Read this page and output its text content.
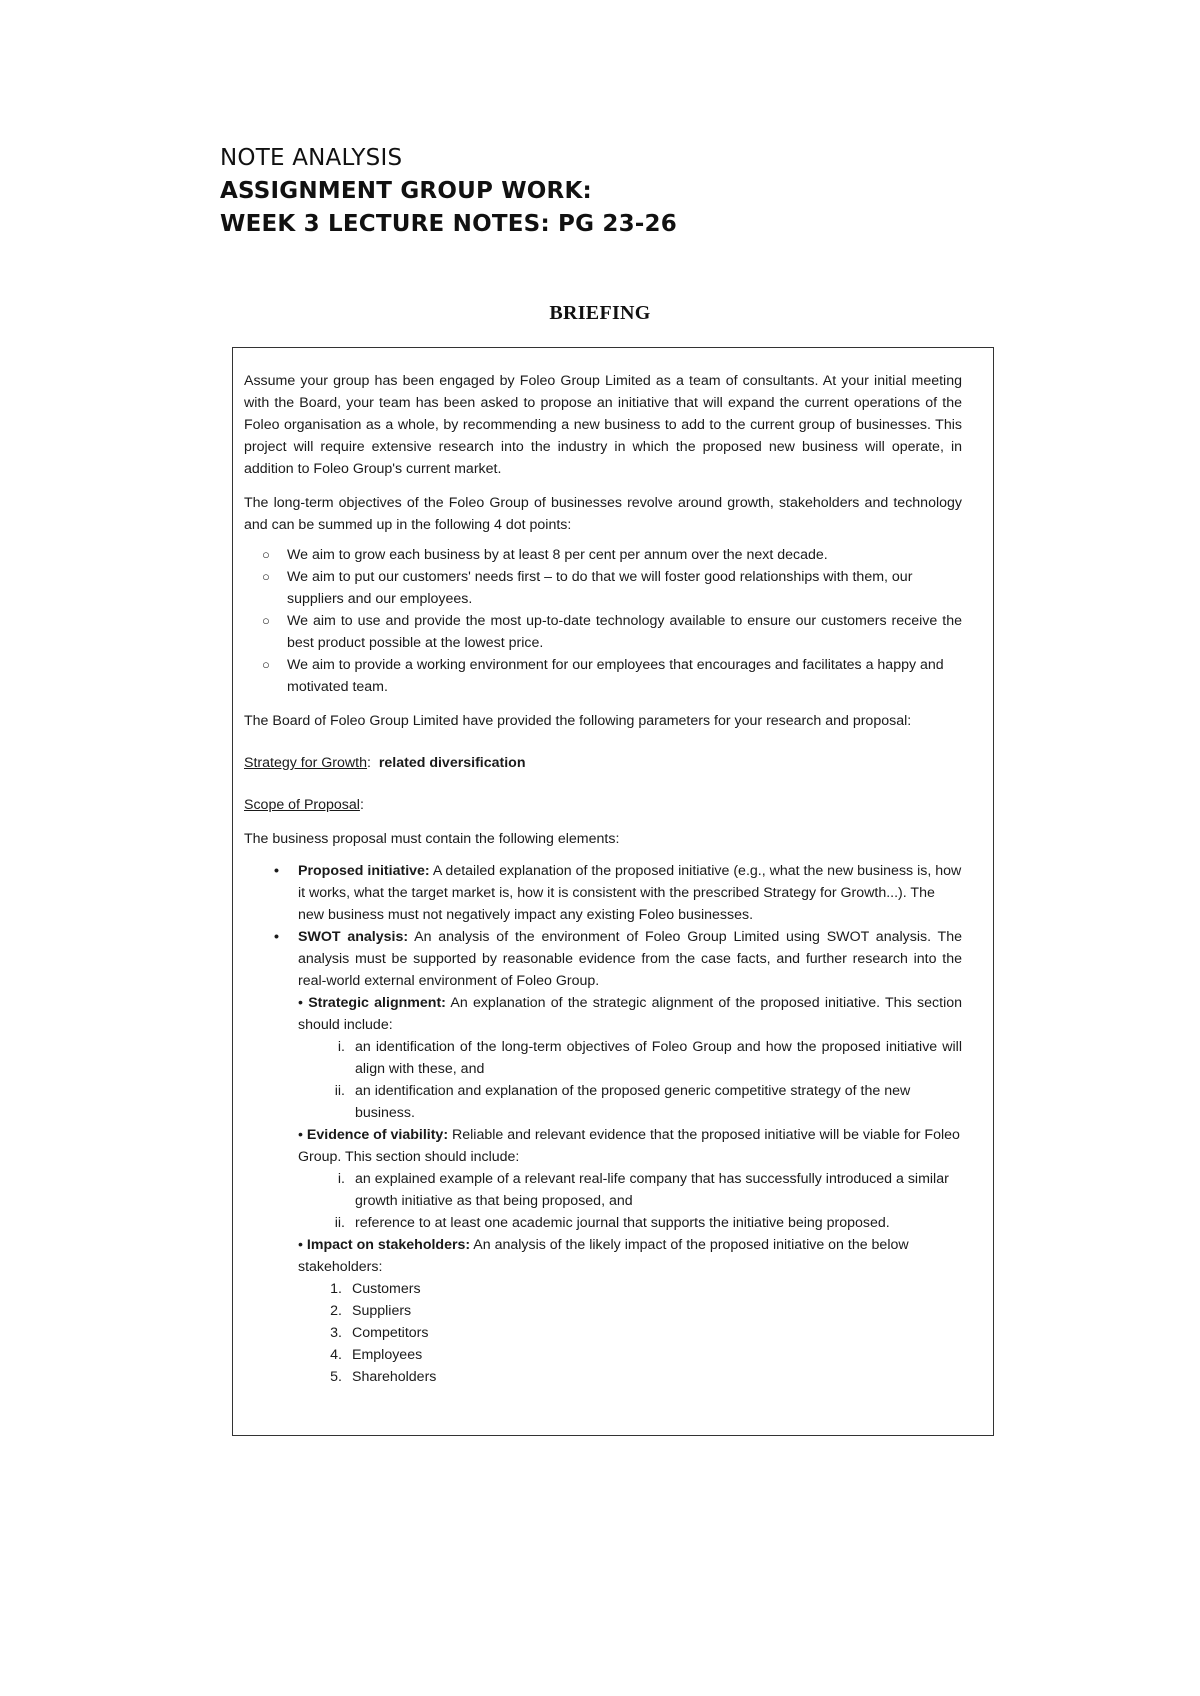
NOTE ANALYSIS
ASSIGNMENT GROUP WORK:
WEEK 3 LECTURE NOTES: PG 23-26
BRIEFING

Assume your group has been engaged by Foleo Group Limited as a team of consultants. At your initial meeting with the Board, your team has been asked to propose an initiative that will expand the current operations of the Foleo organisation as a whole, by recommending a new business to add to the current group of businesses. This project will require extensive research into the industry in which the proposed new business will operate, in addition to Foleo Group's current market.

The long-term objectives of the Foleo Group of businesses revolve around growth, stakeholders and technology and can be summed up in the following 4 dot points:

○ We aim to grow each business by at least 8 per cent per annum over the next decade.
○ We aim to put our customers' needs first – to do that we will foster good relationships with them, our suppliers and our employees.
○ We aim to use and provide the most up-to-date technology available to ensure our customers receive the best product possible at the lowest price.
○ We aim to provide a working environment for our employees that encourages and facilitates a happy and motivated team.

The Board of Foleo Group Limited have provided the following parameters for your research and proposal:

Strategy for Growth: related diversification

Scope of Proposal:

The business proposal must contain the following elements:

• Proposed initiative: A detailed explanation of the proposed initiative (e.g., what the new business is, how it works, what the target market is, how it is consistent with the prescribed Strategy for Growth...). The new business must not negatively impact any existing Foleo businesses.
• SWOT analysis: An analysis of the environment of Foleo Group Limited using SWOT analysis. The analysis must be supported by reasonable evidence from the case facts, and further research into the real-world external environment of Foleo Group.
• Strategic alignment: An explanation of the strategic alignment of the proposed initiative. This section should include:
i. an identification of the long-term objectives of Foleo Group and how the proposed initiative will align with these, and
ii. an identification and explanation of the proposed generic competitive strategy of the new business.
• Evidence of viability: Reliable and relevant evidence that the proposed initiative will be viable for Foleo Group. This section should include:
i. an explained example of a relevant real-life company that has successfully introduced a similar growth initiative as that being proposed, and
ii. reference to at least one academic journal that supports the initiative being proposed.
• Impact on stakeholders: An analysis of the likely impact of the proposed initiative on the below stakeholders:
1. Customers
2. Suppliers
3. Competitors
4. Employees
5. Shareholders
